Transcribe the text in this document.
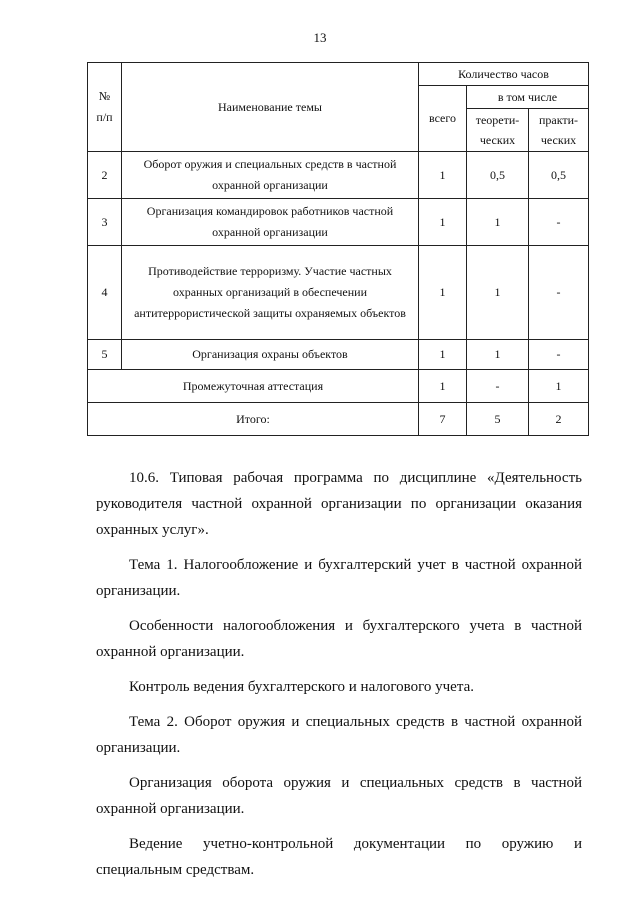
13
№ п/п	Наименование темы	Количество часов		
		всего	в том числе	
			теорети-ческих	практи-ческих
2	Оборот оружия и специальных средств в частной охранной организации	1	0,5	0,5
3	Организация командировок работников частной охранной организации	1	1	-
4	Противодействие терроризму. Участие частных охранных организаций в обеспечении антитеррористической защиты охраняемых объектов	1	1	-
5	Организация охраны объектов	1	1	-
Промежуточная аттестация		1	-	1
Итого:		7	5	2

10.6. Типовая рабочая программа по дисциплине «Деятельность руководителя частной охранной организации по организации оказания охранных услуг».

Тема 1. Налогообложение и бухгалтерский учет в частной охранной организации.

Особенности налогообложения и бухгалтерского учета в частной охранной организации.

Контроль ведения бухгалтерского и налогового учета.

Тема 2. Оборот оружия и специальных средств в частной охранной организации.

Организация оборота оружия и специальных средств в частной охранной организации.

Ведение учетно-контрольной документации по оружию и специальным средствам.
